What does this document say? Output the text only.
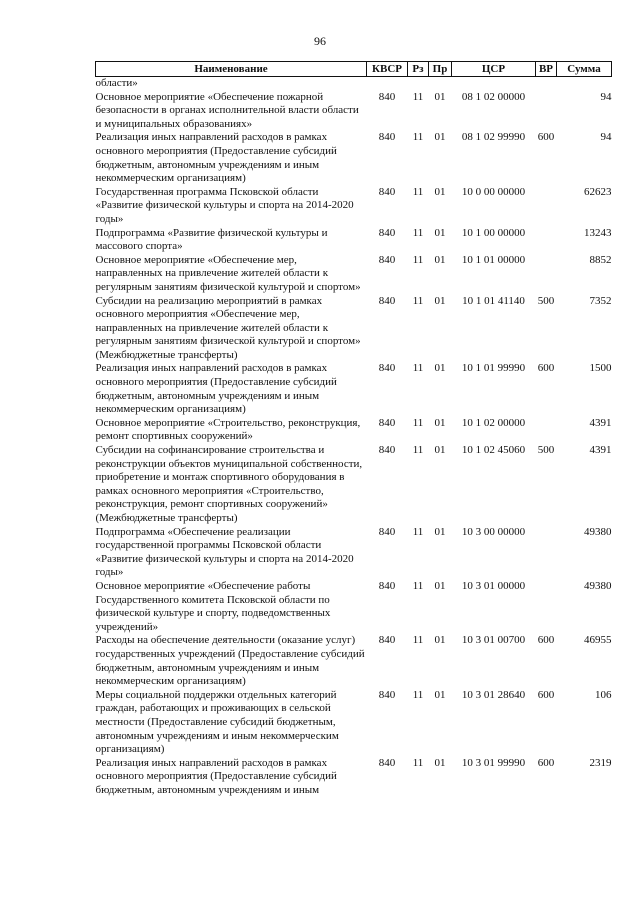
96
Наименование	КВСР	Рз	Пр	ЦСР	ВР	Сумма
области»						
Основное мероприятие «Обеспечение пожарной безопасности в органах исполнительной власти области и муниципальных образованиях»	840	11	01	08 1 02 00000		94
Реализация иных направлений расходов в рамках основного мероприятия (Предоставление субсидий бюджетным, автономным учреждениям и иным некоммерческим организациям)	840	11	01	08 1 02 99990	600	94
Государственная программа Псковской области «Развитие физической культуры и спорта на 2014-2020 годы»	840	11	01	10 0 00 00000		62623
Подпрограмма «Развитие физической культуры и массового спорта»	840	11	01	10 1 00 00000		13243
Основное мероприятие «Обеспечение мер, направленных на привлечение жителей области к регулярным занятиям физической культурой и спортом»	840	11	01	10 1 01 00000		8852
Субсидии на реализацию мероприятий в рамках основного мероприятия «Обеспечение мер, направленных на привлечение жителей области к регулярным занятиям физической культурой и спортом» (Межбюджетные трансферты)	840	11	01	10 1 01 41140	500	7352
Реализация иных направлений расходов в рамках основного мероприятия (Предоставление субсидий бюджетным, автономным учреждениям и иным некоммерческим организациям)	840	11	01	10 1 01 99990	600	1500
Основное мероприятие «Строительство, реконструкция, ремонт спортивных сооружений»	840	11	01	10 1 02 00000		4391
Субсидии на софинансирование строительства и реконструкции объектов муниципальной собственности, приобретение и монтаж спортивного оборудования в рамках основного мероприятия «Строительство, реконструкция, ремонт спортивных сооружений» (Межбюджетные трансферты)	840	11	01	10 1 02 45060	500	4391
Подпрограмма «Обеспечение реализации государственной программы Псковской области «Развитие физической культуры и спорта на 2014-2020 годы»	840	11	01	10 3 00 00000		49380
Основное мероприятие «Обеспечение работы Государственного комитета Псковской области по физической культуре и спорту, подведомственных учреждений»	840	11	01	10 3 01 00000		49380
Расходы на обеспечение деятельности (оказание услуг) государственных учреждений (Предоставление субсидий бюджетным, автономным учреждениям и иным некоммерческим организациям)	840	11	01	10 3 01 00700	600	46955
Меры социальной поддержки отдельных категорий граждан, работающих и проживающих в сельской местности (Предоставление субсидий бюджетным, автономным учреждениям и иным некоммерческим организациям)	840	11	01	10 3 01 28640	600	106
Реализация иных направлений расходов в рамках основного мероприятия (Предоставление субсидий бюджетным, автономным учреждениям и иным	840	11	01	10 3 01 99990	600	2319
